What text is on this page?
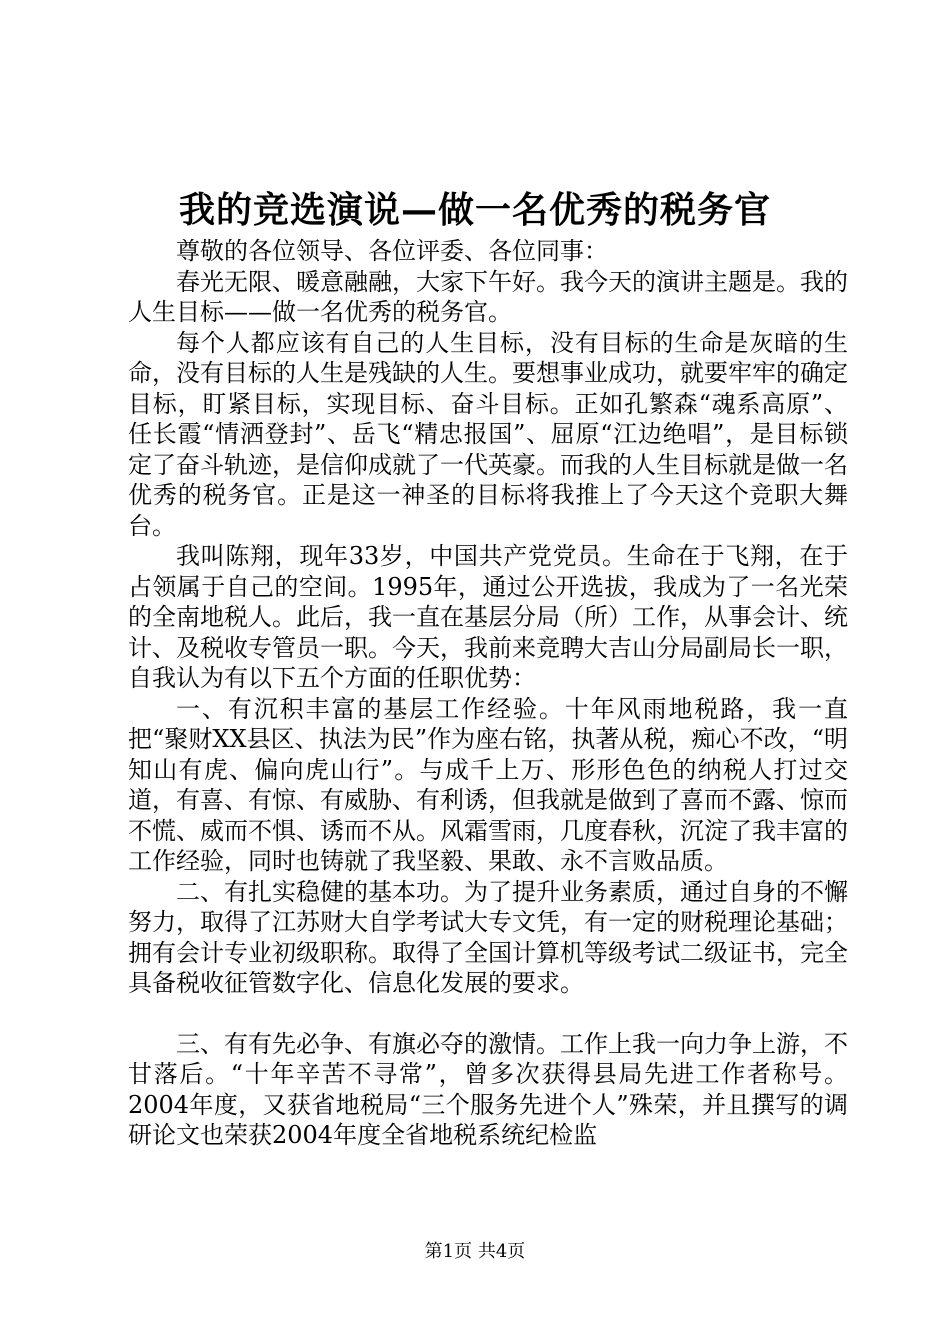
我的竞选演说—做一名优秀的税务官

尊敬的各位领导、各位评委、各位同事：

春光无限、暖意融融，大家下午好。我今天的演讲主题是。我的人生目标——做一名优秀的税务官。

每个人都应该有自己的人生目标，没有目标的生命是灰暗的生命，没有目标的人生是残缺的人生。要想事业成功，就要牢牢的确定目标，盯紧目标，实现目标、奋斗目标。正如孔繁森“魂系高原”、任长霞“情洒登封”、岳飞“精忠报国”、屈原“江边绝唱”，是目标锁定了奋斗轨迹，是信仰成就了一代英豪。而我的人生目标就是做一名优秀的税务官。正是这一神圣的目标将我推上了今天这个竞职大舞台。

我叫陈翔，现年33岁，中国共产党党员。生命在于飞翔，在于占领属于自己的空间。1995年，通过公开选拔，我成为了一名光荣的全南地税人。此后，我一直在基层分局（所）工作，从事会计、统计、及税收专管员一职。今天，我前来竞聘大吉山分局副局长一职，自我认为有以下五个方面的任职优势：

一、有沉积丰富的基层工作经验。十年风雨地税路，我一直把“聚财XX县区、执法为民”作为座右铭，执著从税，痴心不改，“明知山有虎、偏向虎山行”。与成千上万、形形色色的纳税人打过交道，有喜、有惊、有威胁、有利诱，但我就是做到了喜而不露、惊而不慌、威而不惧、诱而不从。风霜雪雨，几度春秋，沉淀了我丰富的工作经验，同时也铸就了我坚毅、果敢、永不言败品质。

二、有扎实稳健的基本功。为了提升业务素质，通过自身的不懈努力，取得了江苏财大自学考试大专文凭，有一定的财税理论基础；拥有会计专业初级职称。取得了全国计算机等级考试二级证书，完全具备税收征管数字化、信息化发展的要求。

三、有有先必争、有旗必夺的激情。工作上我一向力争上游，不甘落后。“十年辛苦不寻常”，曾多次获得县局先进工作者称号。2004年度，又获省地税局“三个服务先进个人”殊荣，并且撰写的调研论文也荣获2004年度全省地税系统纪检监

第1页 共4页
